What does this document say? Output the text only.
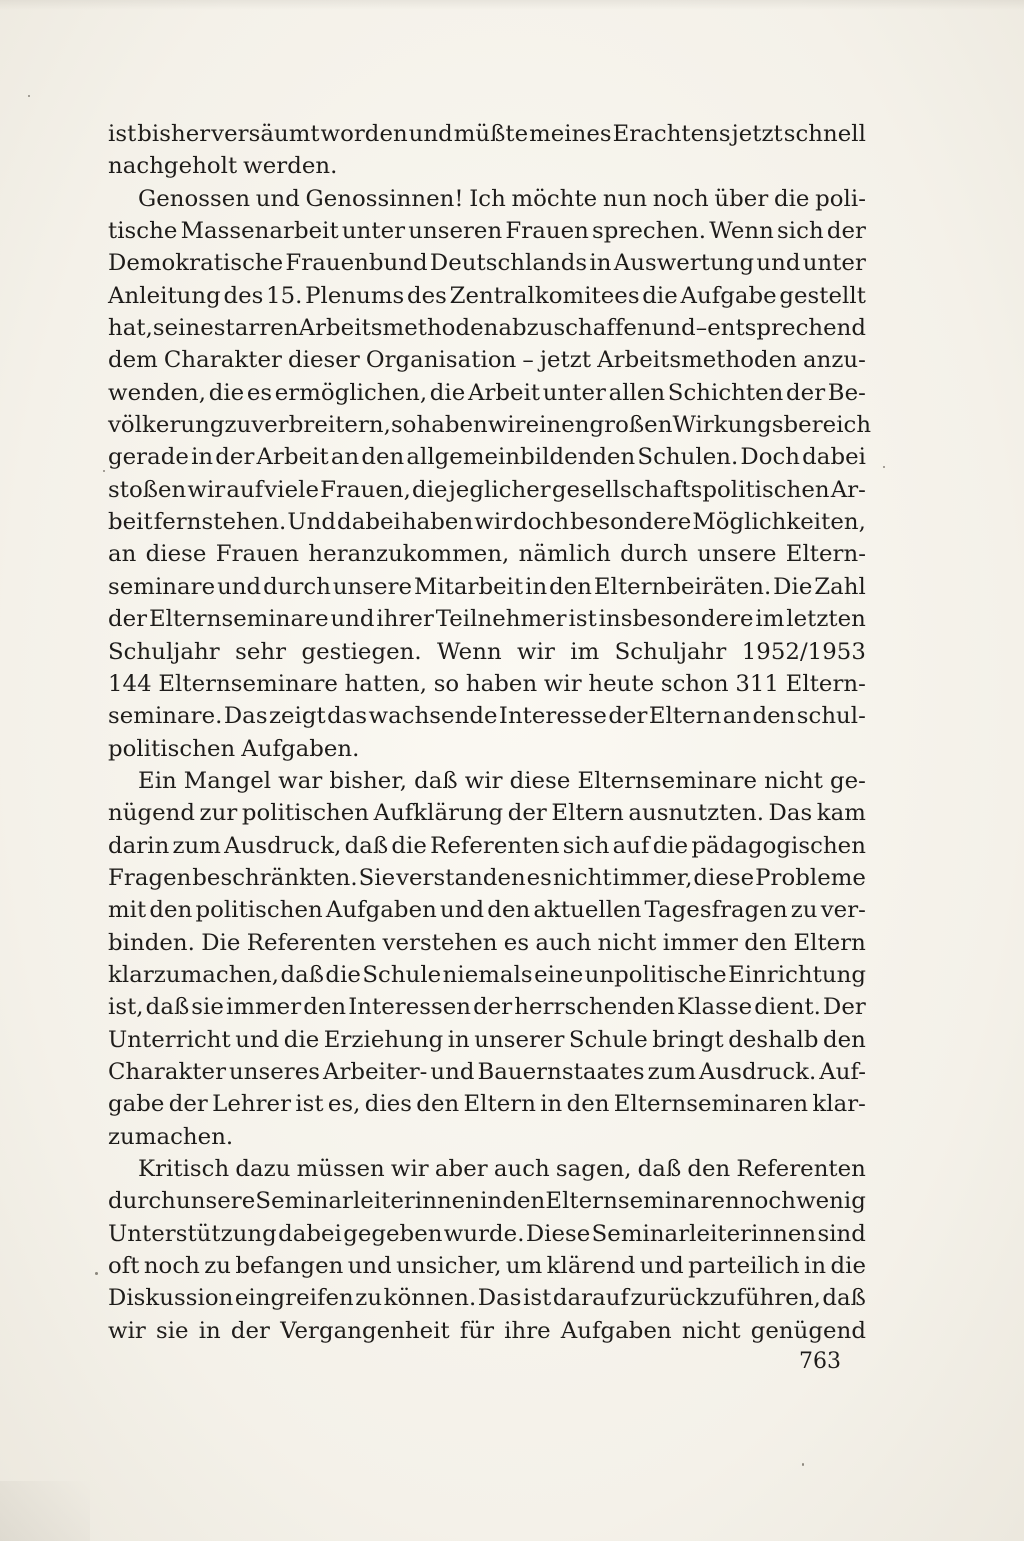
ist bisher versäumt worden und müßte meines Erachtens jetzt schnell
nachgeholt werden.
Genossen und Genossinnen! Ich möchte nun noch über die poli-
tische Massenarbeit unter unseren Frauen sprechen. Wenn sich der
Demokratische Frauenbund Deutschlands in Auswertung und unter
Anleitung des 15. Plenums des Zentralkomitees die Aufgabe gestellt
hat, seine starren Arbeitsmethoden abzuschaffen und – entsprechend
dem Charakter dieser Organisation – jetzt Arbeitsmethoden anzu-
wenden, die es ermöglichen, die Arbeit unter allen Schichten der Be-
völkerung zu verbreitern, so haben wir einen großen Wirkungsbereich
gerade in der Arbeit an den allgemeinbildenden Schulen. Doch dabei
stoßen wir auf viele Frauen, die jeglicher gesellschaftspolitischen Ar-
beit fernstehen. Und dabei haben wir doch besondere Möglichkeiten,
an diese Frauen heranzukommen, nämlich durch unsere Eltern-
seminare und durch unsere Mitarbeit in den Elternbeiräten. Die Zahl
der Elternseminare und ihrer Teilnehmer ist insbesondere im letzten
Schuljahr sehr gestiegen. Wenn wir im Schuljahr 1952/1953
144 Elternseminare hatten, so haben wir heute schon 311 Eltern-
seminare. Das zeigt das wachsende Interesse der Eltern an den schul-
politischen Aufgaben.
Ein Mangel war bisher, daß wir diese Elternseminare nicht ge-
nügend zur politischen Aufklärung der Eltern ausnutzten. Das kam
darin zum Ausdruck, daß die Referenten sich auf die pädagogischen
Fragen beschränkten. Sie verstanden es nicht immer, diese Probleme
mit den politischen Aufgaben und den aktuellen Tagesfragen zu ver-
binden. Die Referenten verstehen es auch nicht immer den Eltern
klarzumachen, daß die Schule niemals eine unpolitische Einrichtung
ist, daß sie immer den Interessen der herrschenden Klasse dient. Der
Unterricht und die Erziehung in unserer Schule bringt deshalb den
Charakter unseres Arbeiter- und Bauernstaates zum Ausdruck. Auf-
gabe der Lehrer ist es, dies den Eltern in den Elternseminaren klar-
zumachen.
Kritisch dazu müssen wir aber auch sagen, daß den Referenten
durch unsere Seminarleiterinnen in den Elternseminaren noch wenig
Unterstützung dabei gegeben wurde. Diese Seminarleiterinnen sind
oft noch zu befangen und unsicher, um klärend und parteilich in die
Diskussion eingreifen zu können. Das ist darauf zurückzuführen, daß
wir sie in der Vergangenheit für ihre Aufgaben nicht genügend
763
